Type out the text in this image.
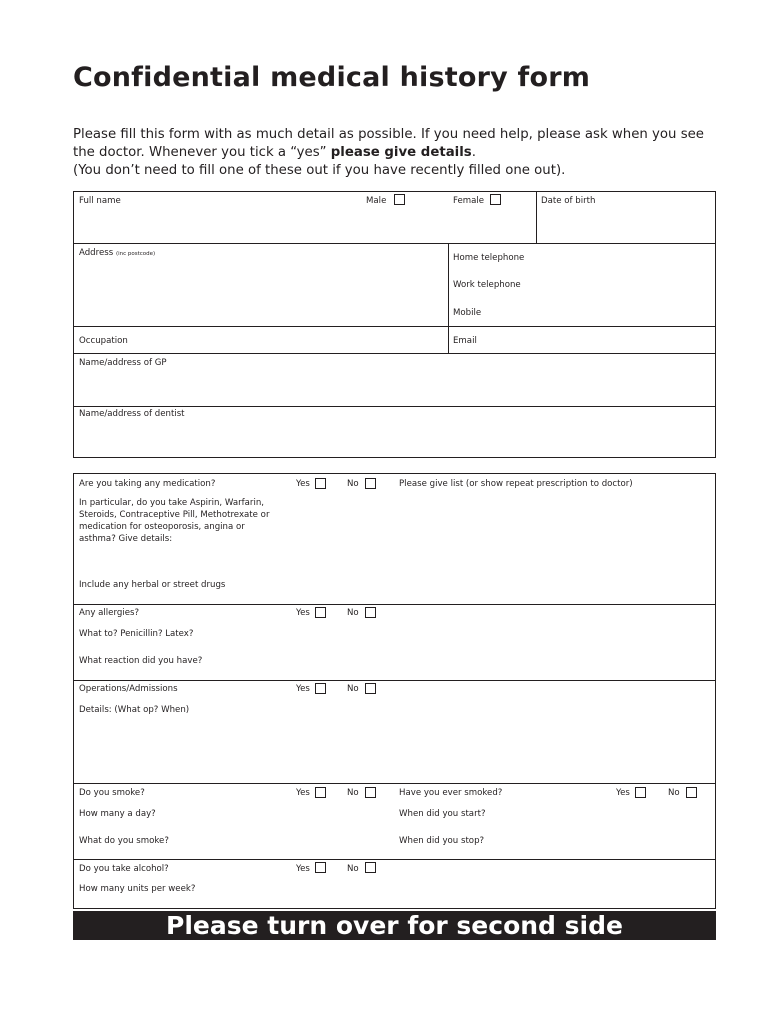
Confidential medical history form

Please fill this form with as much detail as possible. If you need help, please ask when you see the doctor. Whenever you tick a “yes” please give details.
(You don’t need to fill one of these out if you have recently filled one out).

Full name	Male	Female	Date of birth
Address (inc postcode)	Home telephone
Work telephone
Mobile
Occupation	Email
Name/address of GP
Name/address of dentist
Are you taking any medication?	Yes	No	Please give list (or show repeat prescription to doctor)
In particular, do you take Aspirin, Warfarin, Steroids, Contraceptive Pill, Methotrexate or medication for osteoporosis, angina or asthma? Give details:
Include any herbal or street drugs
Any allergies?	Yes	No
What to? Penicillin? Latex?
What reaction did you have?
Operations/Admissions	Yes	No
Details: (What op? When)
Do you smoke?	Yes	No	Have you ever smoked?	Yes	No
How many a day?	When did you start?
What do you smoke?	When did you stop?
Do you take alcohol?	Yes	No
How many units per week?
Please turn over for second side
